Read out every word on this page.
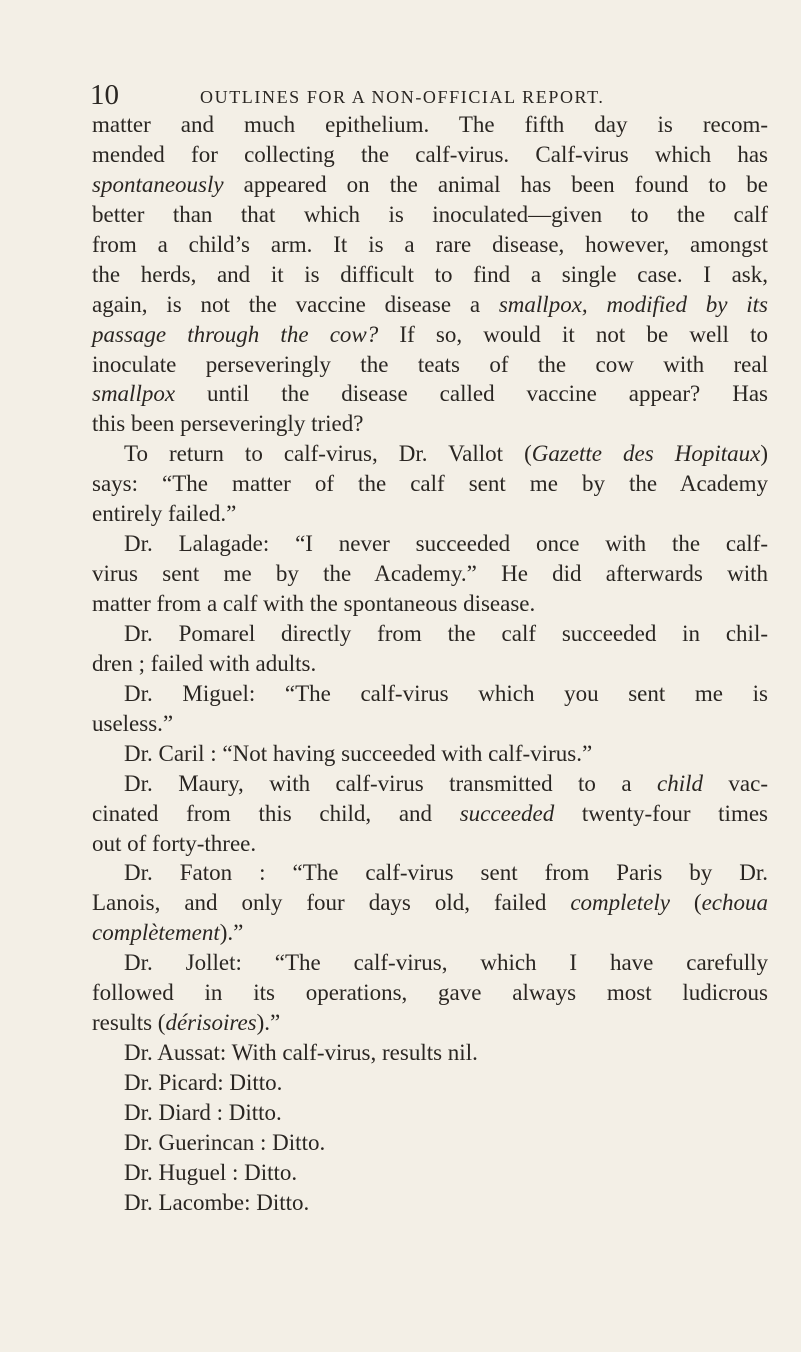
10	OUTLINES FOR A NON-OFFICIAL REPORT.
matter and much epithelium. The fifth day is recom-
mended for collecting the calf-virus. Calf-virus which has
spontaneously appeared on the animal has been found to be
better than that which is inoculated—given to the calf
from a child’s arm. It is a rare disease, however, amongst
the herds, and it is difficult to find a single case. I ask,
again, is not the vaccine disease a smallpox, modified by its
passage through the cow? If so, would it not be well to
inoculate perseveringly the teats of the cow with real
smallpox until the disease called vaccine appear? Has
this been perseveringly tried?
To return to calf-virus, Dr. Vallot (Gazette des Hopitaux)
says: “The matter of the calf sent me by the Academy
entirely failed.”
Dr. Lalagade: “I never succeeded once with the calf-
virus sent me by the Academy.” He did afterwards with
matter from a calf with the spontaneous disease.
Dr. Pomarel directly from the calf succeeded in chil-
dren ; failed with adults.
Dr. Miguel: “The calf-virus which you sent me is
useless.”
Dr. Caril : “Not having succeeded with calf-virus.”
Dr. Maury, with calf-virus transmitted to a child vac-
cinated from this child, and succeeded twenty-four times
out of forty-three.
Dr. Faton : “The calf-virus sent from Paris by Dr.
Lanois, and only four days old, failed completely (echoua
complètement).”
Dr. Jollet: “The calf-virus, which I have carefully
followed in its operations, gave always most ludicrous
results (dérisoires).”
Dr. Aussat: With calf-virus, results nil.
Dr. Picard: Ditto.
Dr. Diard : Ditto.
Dr. Guerincan : Ditto.
Dr. Huguel : Ditto.
Dr. Lacombe: Ditto.
